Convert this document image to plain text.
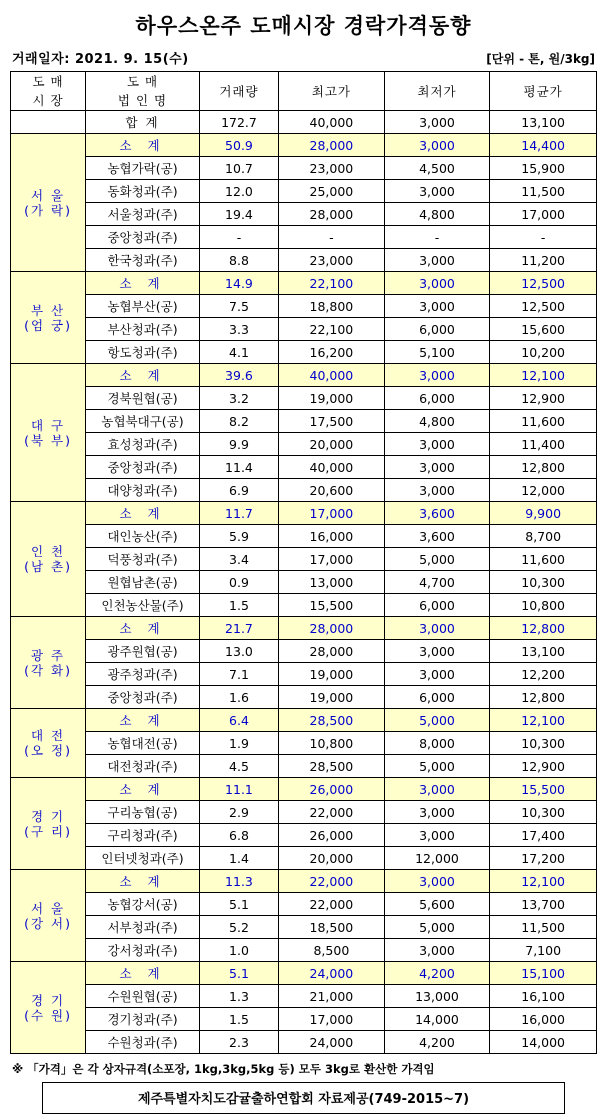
하우스온주 도매시장 경락가격동향
거래일자: 2021. 9. 15(수)	[단위 - 톤, 원/3kg]
도 매
시 장	도 매
법 인 명	거래량	최고가	최저가	평균가

	합 계	172.7	40,000	3,000	13,100

서 울
(가 락)	소 계	50.9	28,000	3,000	14,400
	농협가락(공)	10.7	23,000	4,500	15,900
	동화청과(주)	12.0	25,000	3,000	11,500
	서울청과(주)	19.4	28,000	4,800	17,000
	중앙청과(주)	-	-	-	-
	한국청과(주)	8.8	23,000	3,000	11,200

부 산
(엄 궁)	소 계	14.9	22,100	3,000	12,500
	농협부산(공)	7.5	18,800	3,000	12,500
	부산청과(주)	3.3	22,100	6,000	15,600
	항도청과(주)	4.1	16,200	5,100	10,200

대 구
(북 부)	소 계	39.6	40,000	3,000	12,100
	경북원협(공)	3.2	19,000	6,000	12,900
	농협북대구(공)	8.2	17,500	4,800	11,600
	효성청과(주)	9.9	20,000	3,000	11,400
	중앙청과(주)	11.4	40,000	3,000	12,800
	대양청과(주)	6.9	20,600	3,000	12,000

인 천
(남 촌)	소 계	11.7	17,000	3,600	9,900
	대인농산(주)	5.9	16,000	3,600	8,700
	덕풍청과(주)	3.4	17,000	5,000	11,600
	원협남촌(공)	0.9	13,000	4,700	10,300
	인천농산물(주)	1.5	15,500	6,000	10,800

광 주
(각 화)	소 계	21.7	28,000	3,000	12,800
	광주원협(공)	13.0	28,000	3,000	13,100
	광주청과(주)	7.1	19,000	3,000	12,200
	중앙청과(주)	1.6	19,000	6,000	12,800

대 전
(오 정)	소 계	6.4	28,500	5,000	12,100
	농협대전(공)	1.9	10,800	8,000	10,300
	대전청과(주)	4.5	28,500	5,000	12,900

경 기
(구 리)	소 계	11.1	26,000	3,000	15,500
	구리농협(공)	2.9	22,000	3,000	10,300
	구리청과(주)	6.8	26,000	3,000	17,400
	인터넷청과(주)	1.4	20,000	12,000	17,200

서 울
(강 서)	소 계	11.3	22,000	3,000	12,100
	농협강서(공)	5.1	22,000	5,600	13,700
	서부청과(주)	5.2	18,500	5,000	11,500
	강서청과(주)	1.0	8,500	3,000	7,100

경 기
(수 원)	소 계	5.1	24,000	4,200	15,100
	수원원협(공)	1.3	21,000	13,000	16,100
	경기청과(주)	1.5	17,000	14,000	16,000
	수원청과(주)	2.3	24,000	4,200	14,000
※ 「가격」은 각 상자규격(소포장, 1kg,3kg,5kg 등) 모두 3kg로 환산한 가격임
제주특별자치도감귤출하연합회 자료제공(749-2015~7)
